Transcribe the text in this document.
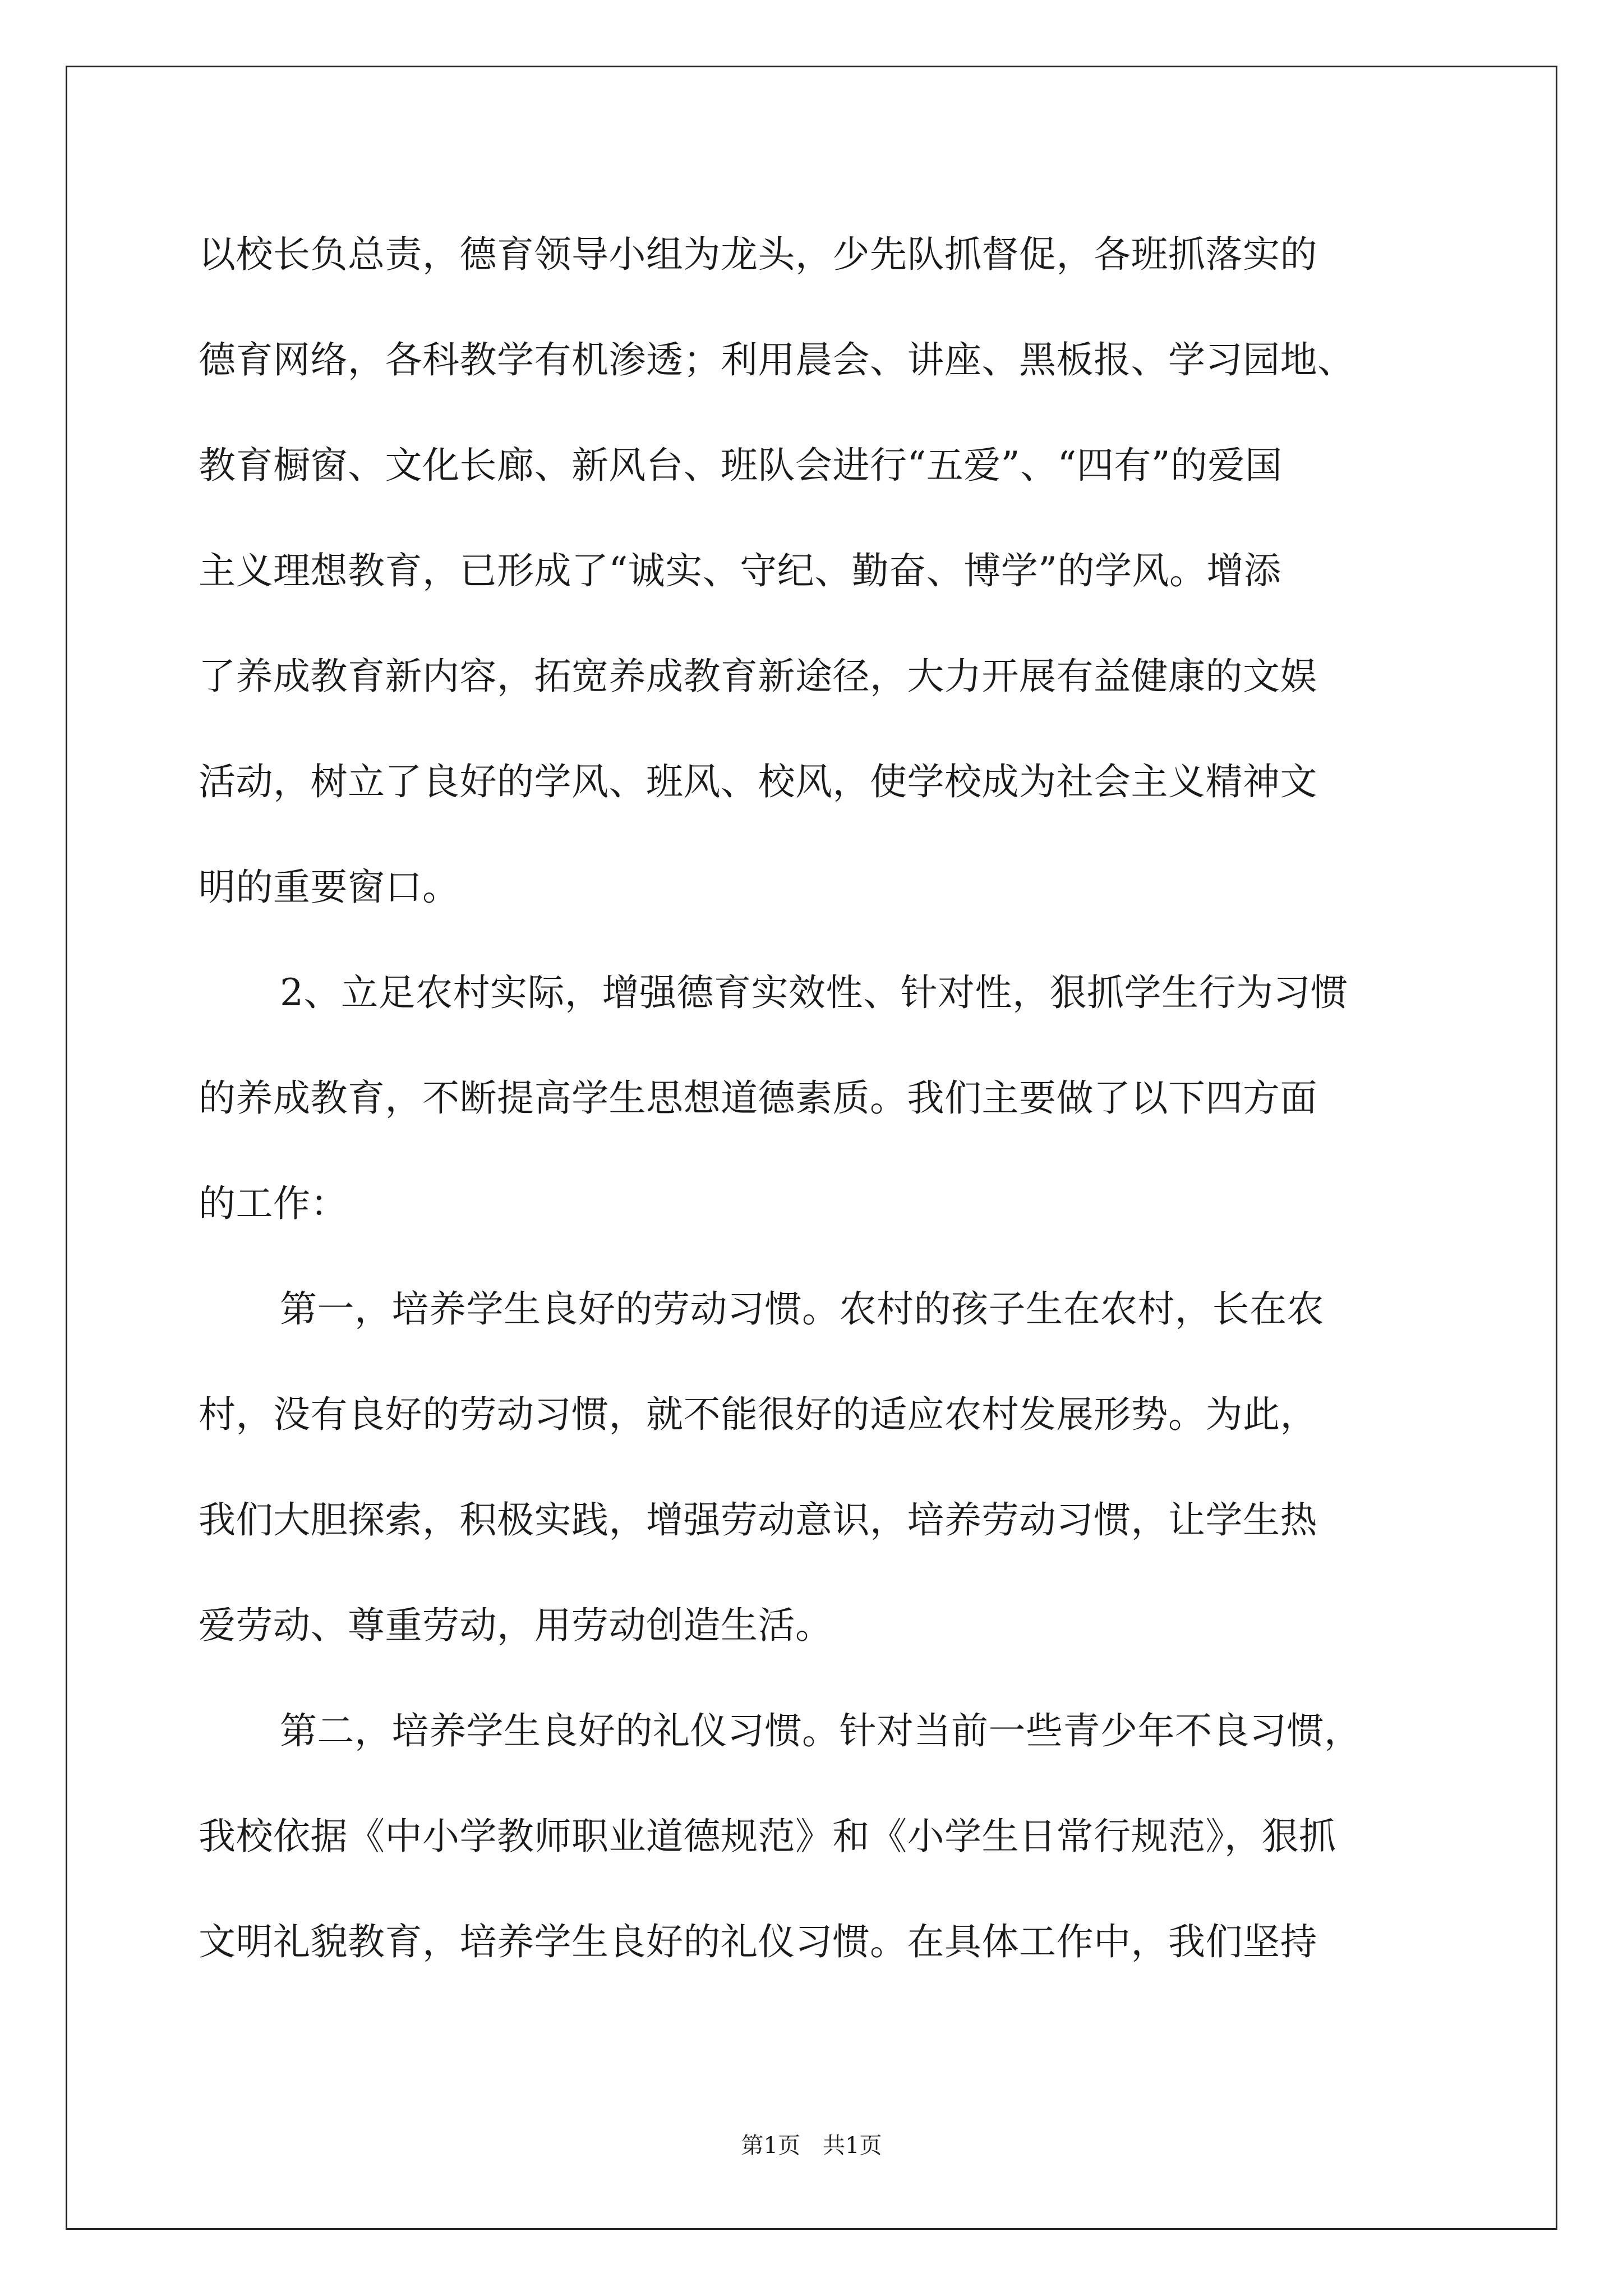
以校长负总责，德育领导小组为龙头，少先队抓督促，各班抓落实的
德育网络，各科教学有机渗透；利用晨会、讲座、黑板报、学习园地、
教育橱窗、文化长廊、新风台、班队会进行“五爱”、“四有”的爱国
主义理想教育，已形成了“诚实、守纪、勤奋、博学”的学风。增添
了养成教育新内容，拓宽养成教育新途径，大力开展有益健康的文娱
活动，树立了良好的学风、班风、校风，使学校成为社会主义精神文
明的重要窗口。
2、立足农村实际，增强德育实效性、针对性，狠抓学生行为习惯
的养成教育，不断提高学生思想道德素质。我们主要做了以下四方面
的工作：
第一，培养学生良好的劳动习惯。农村的孩子生在农村，长在农
村，没有良好的劳动习惯，就不能很好的适应农村发展形势。为此，
我们大胆探索，积极实践，增强劳动意识，培养劳动习惯，让学生热
爱劳动、尊重劳动，用劳动创造生活。
第二，培养学生良好的礼仪习惯。针对当前一些青少年不良习惯，
我校依据《中小学教师职业道德规范》和《小学生日常行规范》，狠抓
文明礼貌教育，培养学生良好的礼仪习惯。在具体工作中，我们坚持
第1页　共1页
